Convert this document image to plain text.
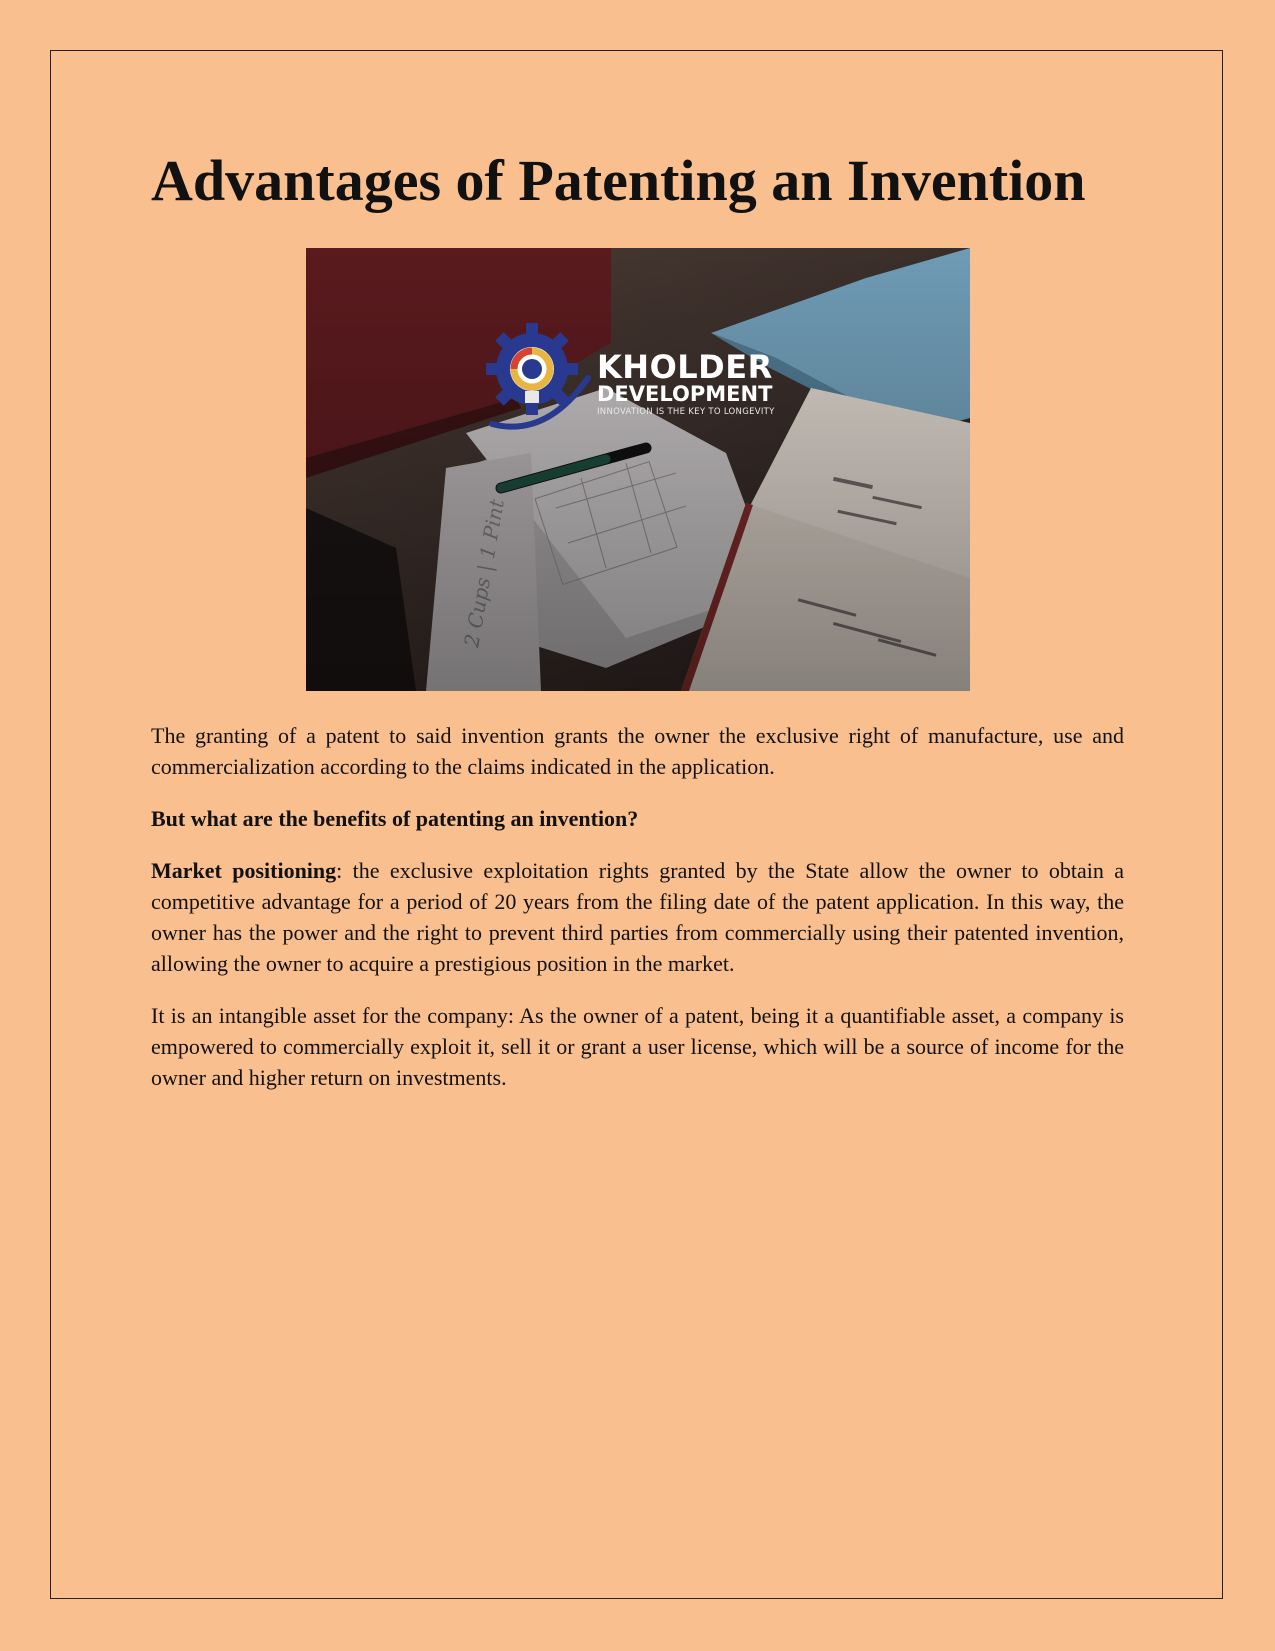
Advantages of Patenting an Invention
KHOLDER
DEVELOPMENT
INNOVATION IS THE KEY TO LONGEVITY

The granting of a patent to said invention grants the owner the exclusive right of manufacture, use and commercialization according to the claims indicated in the application.

But what are the benefits of patenting an invention?

Market positioning: the exclusive exploitation rights granted by the State allow the owner to obtain a competitive advantage for a period of 20 years from the filing date of the patent application. In this way, the owner has the power and the right to prevent third parties from commercially using their patented invention, allowing the owner to acquire a prestigious position in the market.

It is an intangible asset for the company: As the owner of a patent, being it a quantifiable asset, a company is empowered to commercially exploit it, sell it or grant a user license, which will be a source of income for the owner and higher return on investments.
